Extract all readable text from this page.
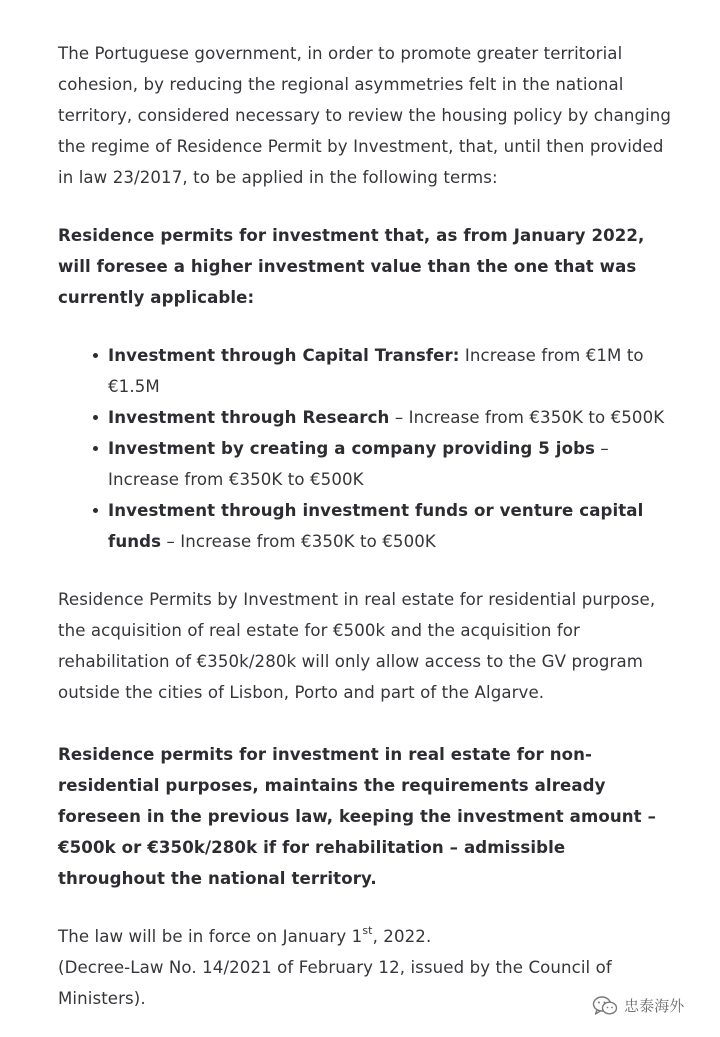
The Portuguese government, in order to promote greater territorial cohesion, by reducing the regional asymmetries felt in the national territory, considered necessary to review the housing policy by changing the regime of Residence Permit by Investment, that, until then provided in law 23/2017, to be applied in the following terms:

Residence permits for investment that, as from January 2022, will foresee a higher investment value than the one that was currently applicable:

Investment through Capital Transfer: Increase from €1M to €1.5M
Investment through Research – Increase from €350K to €500K
Investment by creating a company providing 5 jobs – Increase from €350K to €500K
Investment through investment funds or venture capital funds – Increase from €350K to €500K

Residence Permits by Investment in real estate for residential purpose, the acquisition of real estate for €500k and the acquisition for rehabilitation of €350k/280k will only allow access to the GV program outside the cities of Lisbon, Porto and part of the Algarve.

Residence permits for investment in real estate for non-residential purposes, maintains the requirements already foreseen in the previous law, keeping the investment amount – €500k or €350k/280k if for rehabilitation – admissible throughout the national territory.

The law will be in force on January 1st, 2022.

(Decree-Law No. 14/2021 of February 12, issued by the Council of Ministers).	忠泰海外
